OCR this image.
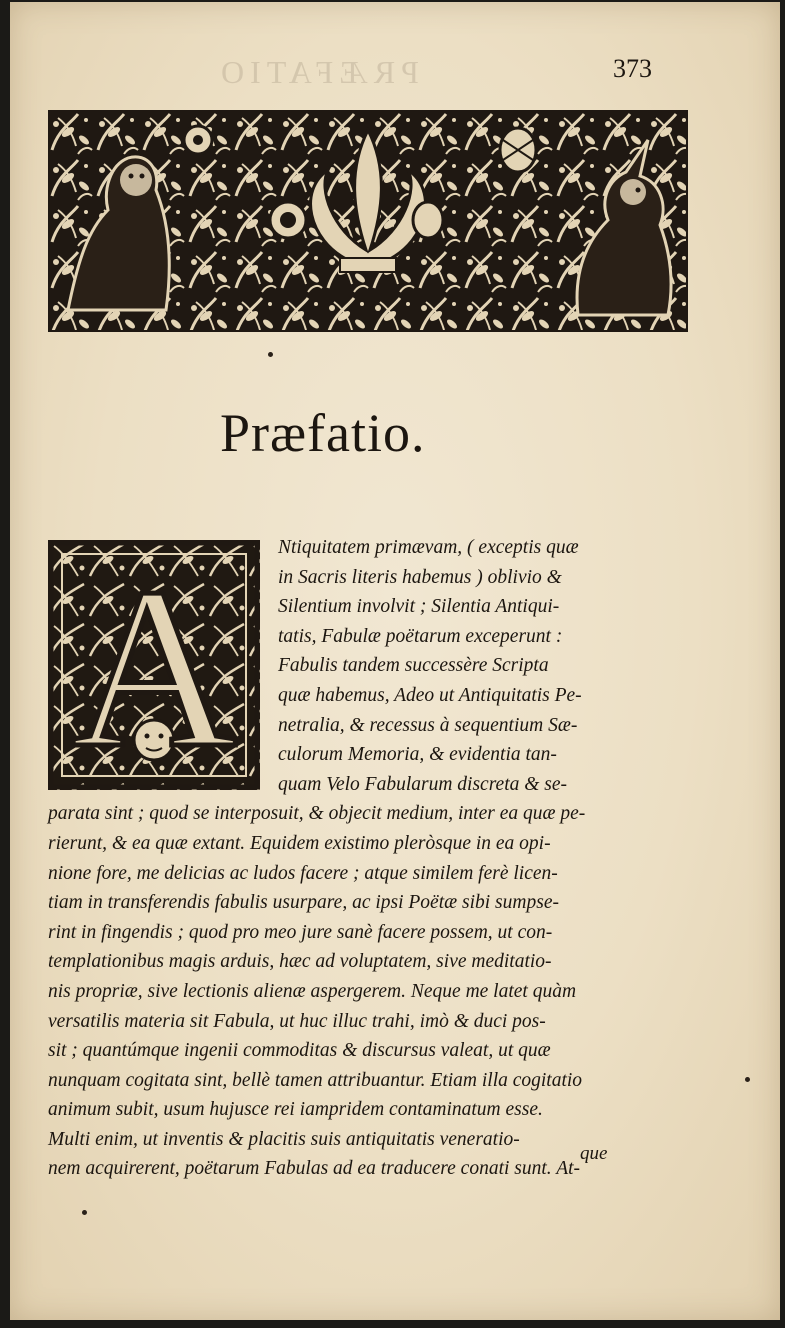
PRÆFATIO	373
Præfatio.
A	Ntiquitatem primævam, ( exceptis quæ
in Sacris literis habemus ) oblivio &
Silentium involvit ; Silentia Antiqui-
tatis, Fabulæ poëtarum exceperunt :
Fabulis tandem successère Scripta
quæ habemus, Adeo ut Antiquitatis Pe-
netralia, & recessus à sequentium Sæ-
culorum Memoria, & evidentia tan-
quam Velo Fabularum discreta & se-
parata sint ; quod se interposuit, & objecit medium, inter ea quæ pe-
rierunt, & ea quæ extant. Equidem existimo pleròsque in ea opi-
nione fore, me delicias ac ludos facere ; atque similem ferè licen-
tiam in transferendis fabulis usurpare, ac ipsi Poëtæ sibi sumpse-
rint in fingendis ; quod pro meo jure sanè facere possem, ut con-
templationibus magis arduis, hæc ad voluptatem, sive meditatio-
nis propriæ, sive lectionis alienæ aspergerem. Neque me latet quàm
versatilis materia sit Fabula, ut huc illuc trahi, imò & duci pos-
sit ; quantúmque ingenii commoditas & discursus valeat, ut quæ
nunquam cogitata sint, bellè tamen attribuantur. Etiam illa cogitatio
animum subit, usum hujusce rei iampridem contaminatum esse.
Multi enim, ut inventis & placitis suis antiquitatis veneratio-
nem acquirerent, poëtarum Fabulas ad ea traducere conati sunt. At-
que
